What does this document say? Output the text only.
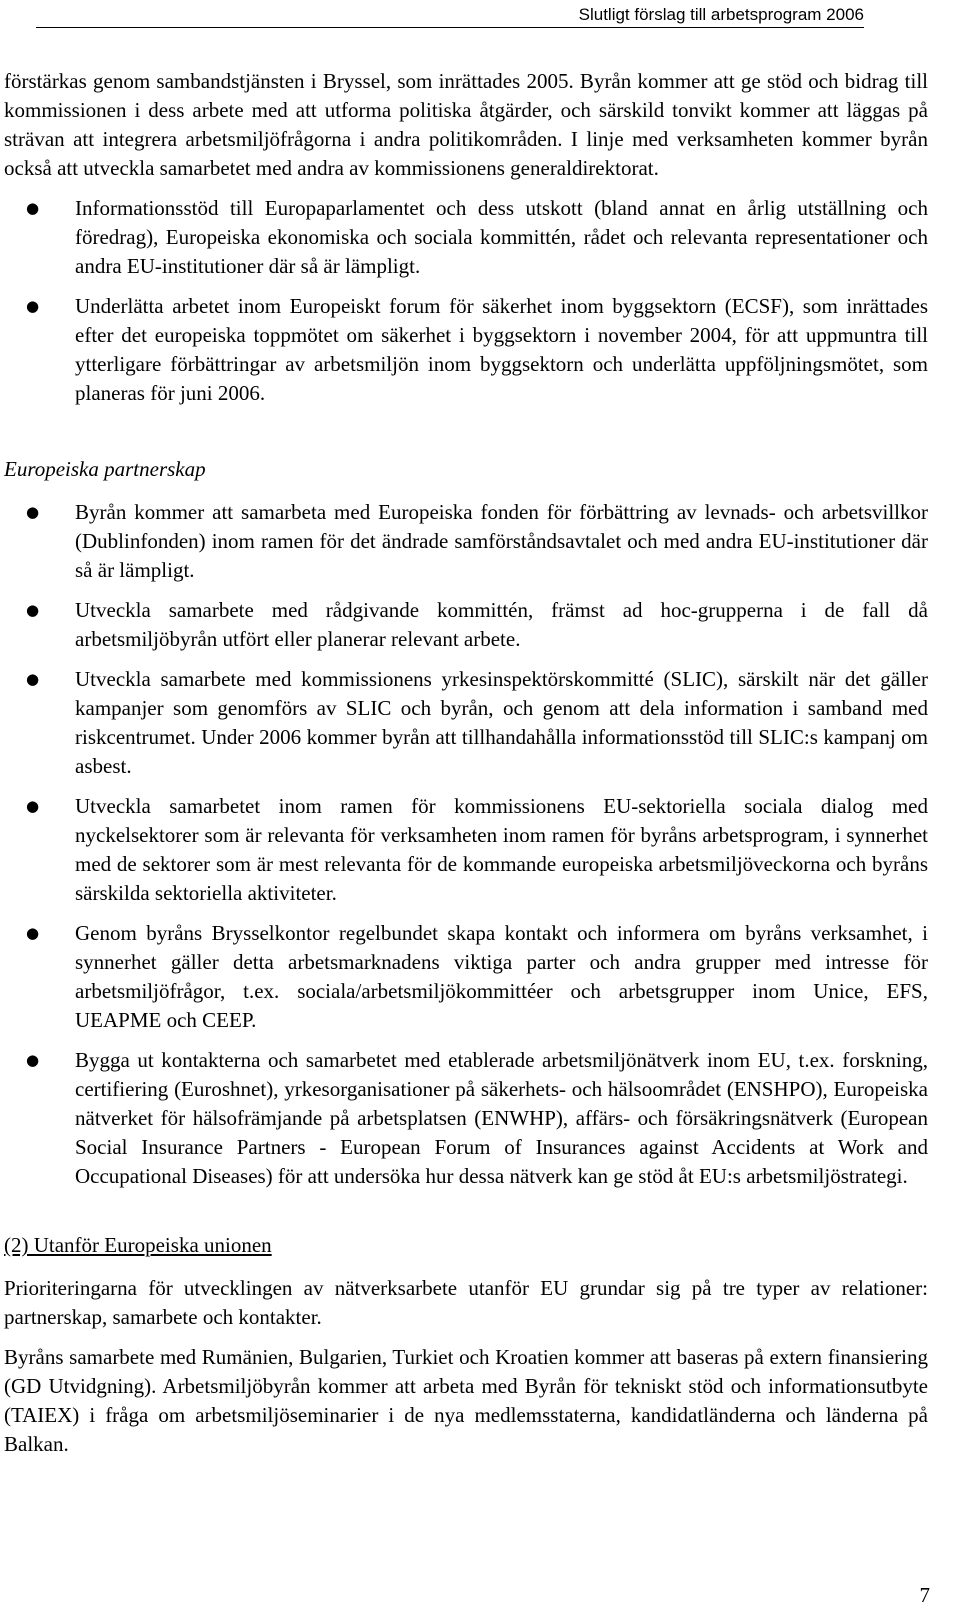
Slutligt förslag till arbetsprogram 2006

förstärkas genom sambandstjänsten i Bryssel, som inrättades 2005. Byrån kommer att ge stöd och bidrag till kommissionen i dess arbete med att utforma politiska åtgärder, och särskild tonvikt kommer att läggas på strävan att integrera arbetsmiljöfrågorna i andra politikområden. I linje med verksamheten kommer byrån också att utveckla samarbetet med andra av kommissionens generaldirektorat.

● Informationsstöd till Europaparlamentet och dess utskott (bland annat en årlig utställning och föredrag), Europeiska ekonomiska och sociala kommittén, rådet och relevanta representationer och andra EU-institutioner där så är lämpligt.
● Underlätta arbetet inom Europeiskt forum för säkerhet inom byggsektorn (ECSF), som inrättades efter det europeiska toppmötet om säkerhet i byggsektorn i november 2004, för att uppmuntra till ytterligare förbättringar av arbetsmiljön inom byggsektorn och underlätta uppföljningsmötet, som planeras för juni 2006.

Europeiska partnerskap

● Byrån kommer att samarbeta med Europeiska fonden för förbättring av levnads- och arbetsvillkor (Dublinfonden) inom ramen för det ändrade samförståndsavtalet och med andra EU-institutioner där så är lämpligt.
● Utveckla samarbete med rådgivande kommittén, främst ad hoc-grupperna i de fall då arbetsmiljöbyrån utfört eller planerar relevant arbete.
● Utveckla samarbete med kommissionens yrkesinspektörskommitté (SLIC), särskilt när det gäller kampanjer som genomförs av SLIC och byrån, och genom att dela information i samband med riskcentrumet. Under 2006 kommer byrån att tillhandahålla informationsstöd till SLIC:s kampanj om asbest.
● Utveckla samarbetet inom ramen för kommissionens EU-sektoriella sociala dialog med nyckelsektorer som är relevanta för verksamheten inom ramen för byråns arbetsprogram, i synnerhet med de sektorer som är mest relevanta för de kommande europeiska arbetsmiljöveckorna och byråns särskilda sektoriella aktiviteter.
● Genom byråns Brysselkontor regelbundet skapa kontakt och informera om byråns verksamhet, i synnerhet gäller detta arbetsmarknadens viktiga parter och andra grupper med intresse för arbetsmiljöfrågor, t.ex. sociala/arbetsmiljökommittéer och arbetsgrupper inom Unice, EFS, UEAPME och CEEP.
● Bygga ut kontakterna och samarbetet med etablerade arbetsmiljönätverk inom EU, t.ex. forskning, certifiering (Euroshnet), yrkesorganisationer på säkerhets- och hälsoområdet (ENSHPO), Europeiska nätverket för hälsofrämjande på arbetsplatsen (ENWHP), affärs- och försäkringsnätverk (European Social Insurance Partners - European Forum of Insurances against Accidents at Work and Occupational Diseases) för att undersöka hur dessa nätverk kan ge stöd åt EU:s arbetsmiljöstrategi.

(2) Utanför Europeiska unionen

Prioriteringarna för utvecklingen av nätverksarbete utanför EU grundar sig på tre typer av relationer: partnerskap, samarbete och kontakter.

Byråns samarbete med Rumänien, Bulgarien, Turkiet och Kroatien kommer att baseras på extern finansiering (GD Utvidgning). Arbetsmiljöbyrån kommer att arbeta med Byrån för tekniskt stöd och informationsutbyte (TAIEX) i fråga om arbetsmiljöseminarier i de nya medlemsstaterna, kandidatländerna och länderna på Balkan.

7
